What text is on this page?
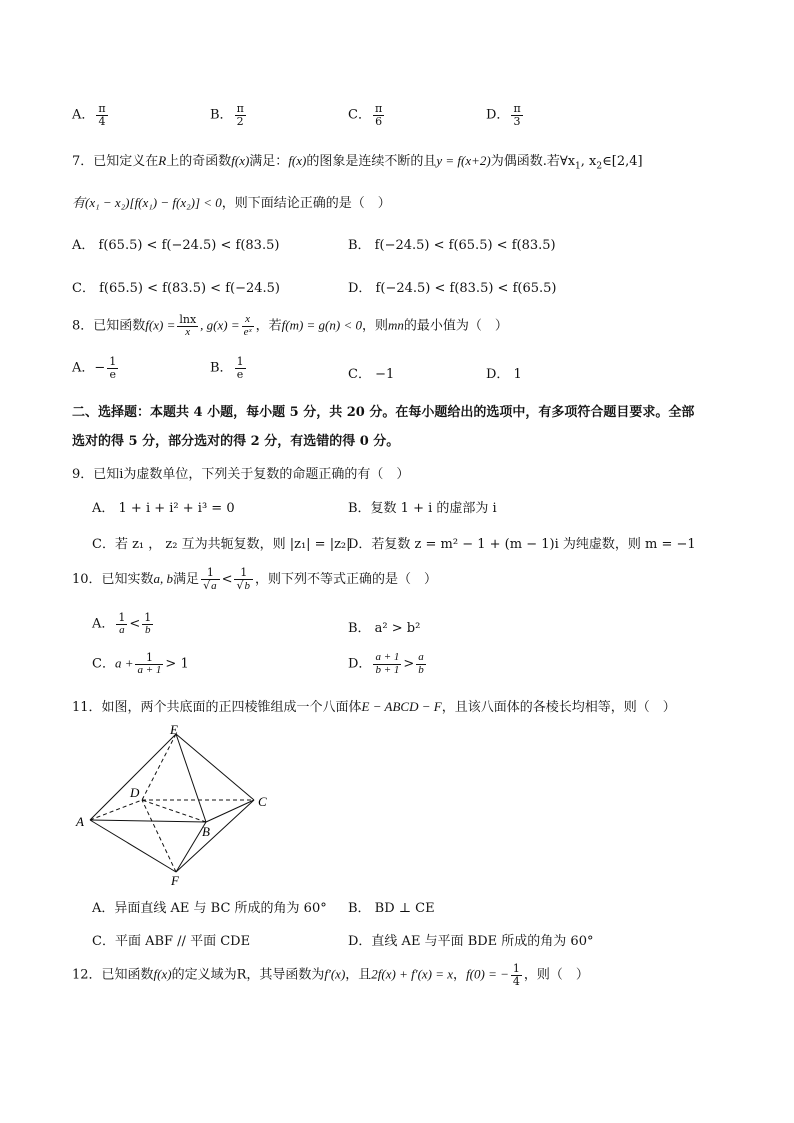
A． $\frac{\pi}{4}$	B． $\frac{\pi}{2}$	C． $\frac{\pi}{6}$	D． $\frac{\pi}{3}$
7．已知定义在R上的奇函数f(x)满足：f(x)的图象是连续不断的且y = f(x+2)为偶函数.若$\forall x_1$, $x_2\in[2,4]$
有(x₁ − x₂)[f(x₁) − f(x₂)] < 0，则下面结论正确的是（　）
A． f(65.5) < f(−24.5) < f(83.5)	B． f(−24.5) < f(65.5) < f(83.5)
C． f(65.5) < f(83.5) < f(−24.5)	D． f(−24.5) < f(83.5) < f(65.5)
8．已知函数$f(x) = \frac{\ln x}{x}$ , $g(x) = \frac{x}{\text{eˣ}}$ ，若f(m) = g(n) < 0，则mn的最小值为（　）
A．− $\frac{1}{e}$	B． $\frac{1}{e}$	C． −1	D． 1
二、选择题：本题共 4 小题，每小题 5 分，共 20 分。在每小题给出的选项中，有多项符合题目要求。全部
选对的得 5 分，部分选对的得 2 分，有选错的得 0 分。
9．已知i为虚数单位，下列关于复数的命题正确的有（　）
A． 1 + i + i² + i³ = 0	B．复数 1 + i 的虚部为 i
C．若 z₁ ， z₂ 互为共轭复数，则 |z₁| = |z₂|
D．若复数 z = m² − 1 + (m − 1)i 为纯虚数，则 m = −1
10．已知实数a, b满足 $\frac{1}{√a} < \frac{1}{√b}$ ，则下列不等式正确的是（　）
A． $\frac{1}{a} < \frac{1}{b}$	B． a² > b²
C．$a + \frac{1}{a + 1} > 1$	D． $\frac{a + 1}{b + 1} > \frac{a}{b}$
11．如图，两个共底面的正四棱锥组成一个八面体E − ABCD − F，且该八面体的各棱长均相等，则（　）
E
D
C
A
B
F
A．异面直线 AE 与 BC 所成的角为 60° B． BD ⊥ CE
C．平面 ABF // 平面 CDE	D．直线 AE 与平面 BDE 所成的角为 60°
12．已知函数f(x)的定义域为R，其导函数为f′(x)，且2f(x) + f′(x) = x，f(0) = − $\frac{1}{4}$ ，则（　）
